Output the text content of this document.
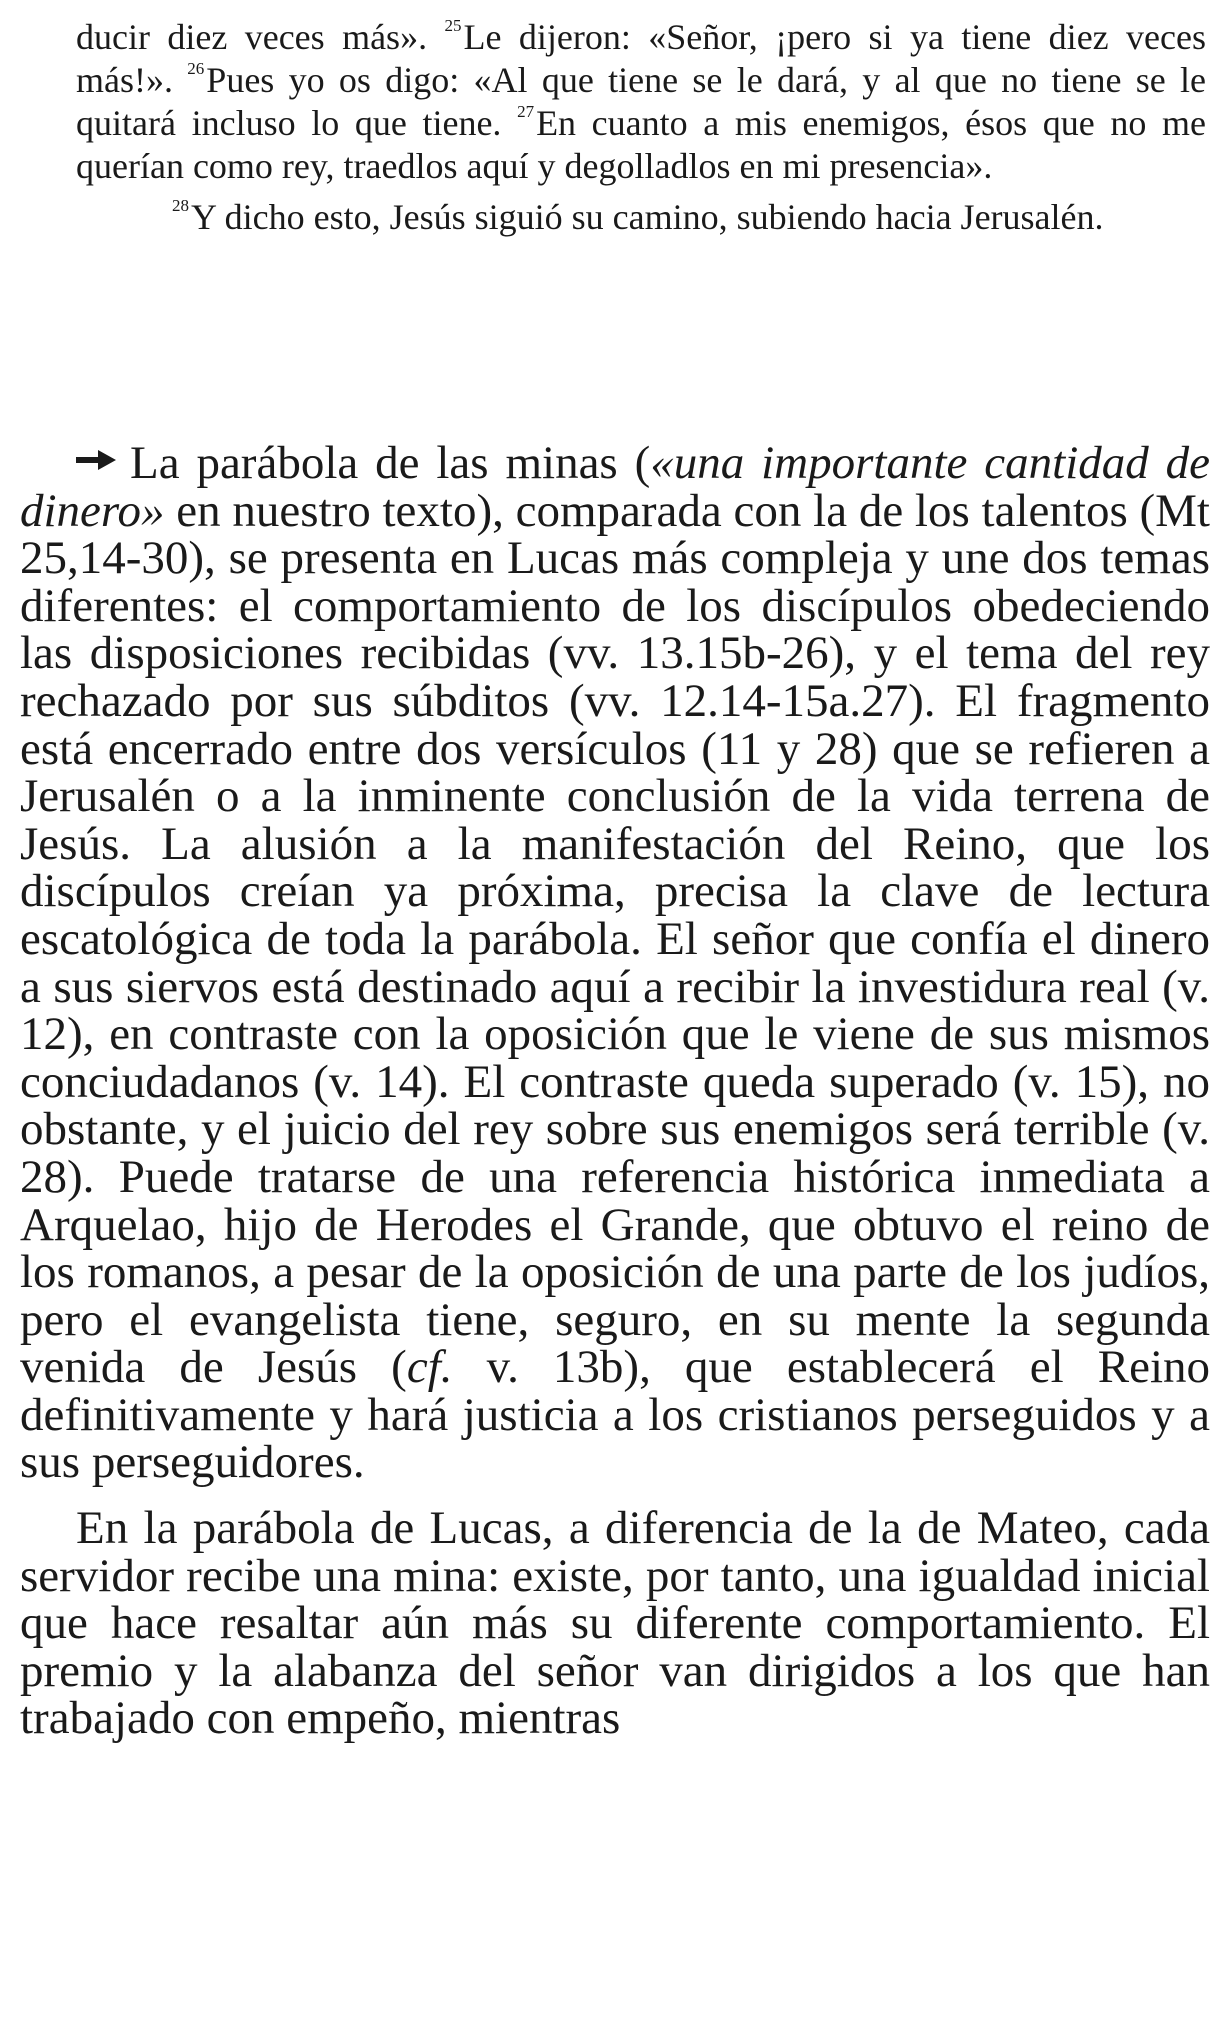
ducir diez veces más». $^{25}$Le dijeron: «Señor, ¡pero si ya tiene diez veces más!». $^{26}$Pues yo os digo: «Al que tiene se le dará, y al que no tiene se le quitará incluso lo que tiene. $^{27}$En cuanto a mis enemigos, ésos que no me querían como rey, traedlos aquí y degolladlos en mi presencia».

$^{28}$Y dicho esto, Jesús siguió su camino, subiendo hacia Jerusalén.

La parábola de las minas («una importante cantidad de dinero» en nuestro texto), comparada con la de los talentos (Mt 25,14-30), se presenta en Lucas más compleja y une dos temas diferentes: el comportamiento de los discípulos obedeciendo las disposiciones recibidas (vv. 13.15b-26), y el tema del rey rechazado por sus súbditos (vv. 12.14-15a.27). El fragmento está encerrado entre dos versículos (11 y 28) que se refieren a Jerusalén o a la inminente conclusión de la vida terrena de Jesús. La alusión a la manifestación del Reino, que los discípulos creían ya próxima, precisa la clave de lectura escatológica de toda la parábola. El señor que confía el dinero a sus siervos está destinado aquí a recibir la investidura real (v. 12), en contraste con la oposición que le viene de sus mismos conciudadanos (v. 14). El contraste queda superado (v. 15), no obstante, y el juicio del rey sobre sus enemigos será terrible (v. 28). Puede tratarse de una referencia histórica inmediata a Arquelao, hijo de Herodes el Grande, que obtuvo el reino de los romanos, a pesar de la oposición de una parte de los judíos, pero el evangelista tiene, seguro, en su mente la segunda venida de Jesús (cf. v. 13b), que establecerá el Reino definitivamente y hará justicia a los cristianos perseguidos y a sus perseguidores.

En la parábola de Lucas, a diferencia de la de Mateo, cada servidor recibe una mina: existe, por tanto, una igualdad inicial que hace resaltar aún más su diferente comportamiento. El premio y la alabanza del señor van dirigidos a los que han trabajado con empeño, mientras
